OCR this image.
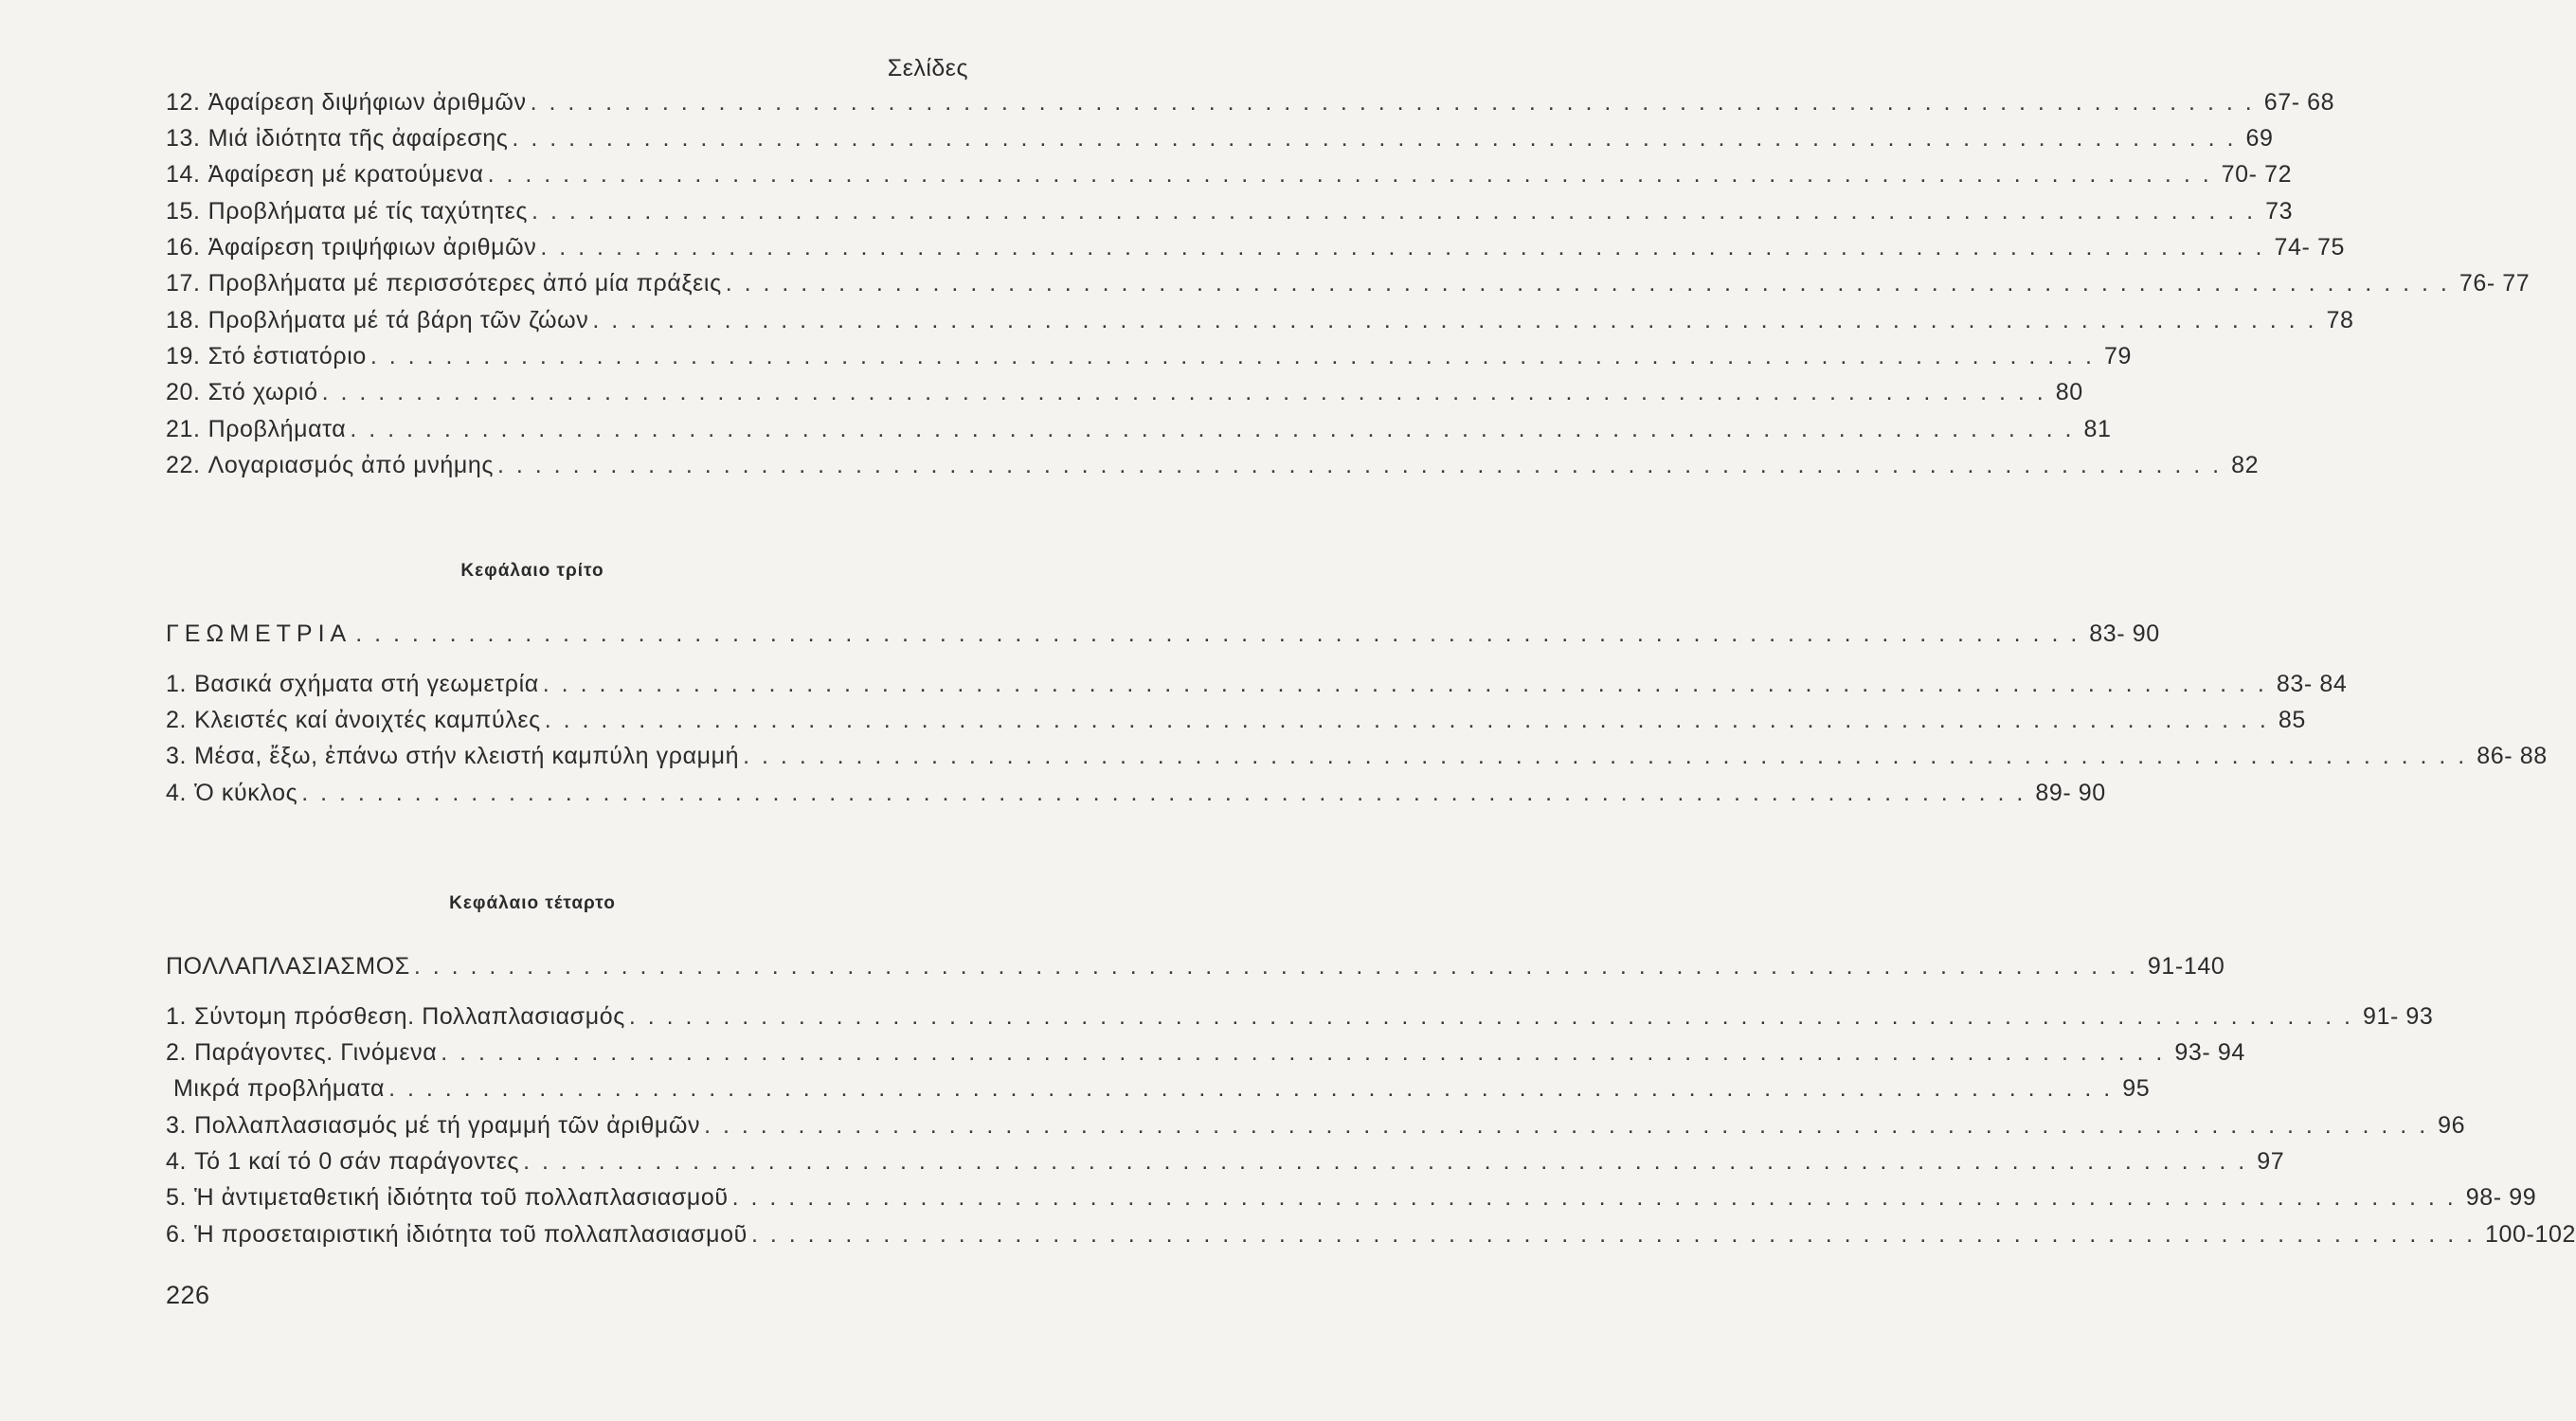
Σελίδες
12. Ἀφαίρεση διψήφιων ἀριθμῶν . . . . . . . . . . . . . . . . . . . . . . . . . . . . . . . . . . . . . . . . . . . . . . . . . . . . . . . . . . . . . . . . . . . . . . . . . . . . . . . . . . . . . . . . . . . . 67- 68
13. Μιά ἰδιότητα τῆς ἀφαίρεσης . . . . . . . . . . . . . . . . . . . . . . . . . . . . . . . . . . . . . . . . . . . . . . . . . . . . . . . . . . . . . . . . . . . . . . . . . . . . . . . . . . . . . . . . . . . . 69
14. Ἀφαίρεση μέ κρατούμενα . . . . . . . . . . . . . . . . . . . . . . . . . . . . . . . . . . . . . . . . . . . . . . . . . . . . . . . . . . . . . . . . . . . . . . . . . . . . . . . . . . . . . . . . . . . . 70- 72
15. Προβλήματα μέ τίς ταχύτητες . . . . . . . . . . . . . . . . . . . . . . . . . . . . . . . . . . . . . . . . . . . . . . . . . . . . . . . . . . . . . . . . . . . . . . . . . . . . . . . . . . . . . . . . . . . . 73
16. Ἀφαίρεση τριψήφιων ἀριθμῶν . . . . . . . . . . . . . . . . . . . . . . . . . . . . . . . . . . . . . . . . . . . . . . . . . . . . . . . . . . . . . . . . . . . . . . . . . . . . . . . . . . . . . . . . . . . . 74- 75
17. Προβλήματα μέ περισσότερες ἀπό μία πράξεις . . . . . . . . . . . . . . . . . . . . . . . . . . . . . . . . . . . . . . . . . . . . . . . . . . . . . . . . . . . . . . . . . . . . . . . . . . . . . . . . . . . . . . . . . . . . 76- 77
18. Προβλήματα μέ τά βάρη τῶν ζώων . . . . . . . . . . . . . . . . . . . . . . . . . . . . . . . . . . . . . . . . . . . . . . . . . . . . . . . . . . . . . . . . . . . . . . . . . . . . . . . . . . . . . . . . . . . . 78
19. Στό ἑστιατόριο . . . . . . . . . . . . . . . . . . . . . . . . . . . . . . . . . . . . . . . . . . . . . . . . . . . . . . . . . . . . . . . . . . . . . . . . . . . . . . . . . . . . . . . . . . . . 79
20. Στό χωριό . . . . . . . . . . . . . . . . . . . . . . . . . . . . . . . . . . . . . . . . . . . . . . . . . . . . . . . . . . . . . . . . . . . . . . . . . . . . . . . . . . . . . . . . . . . . 80
21. Προβλήματα . . . . . . . . . . . . . . . . . . . . . . . . . . . . . . . . . . . . . . . . . . . . . . . . . . . . . . . . . . . . . . . . . . . . . . . . . . . . . . . . . . . . . . . . . . . . 81
22. Λογαριασμός ἀπό μνήμης . . . . . . . . . . . . . . . . . . . . . . . . . . . . . . . . . . . . . . . . . . . . . . . . . . . . . . . . . . . . . . . . . . . . . . . . . . . . . . . . . . . . . . . . . . . . 82
Κεφάλαιο τρίτο
ΓΕΩΜΕΤΡΙΑ . . . . . . . . . . . . . . . . . . . . . . . . . . . . . . . . . . . . . . . . . . . . . . . . . . . . . . . . . . . . . . . . . . . . . . . . . . . . . . . . . . . . . . . . . . . . 83- 90
1. Βασικά σχήματα στή γεωμετρία . . . . . . . . . . . . . . . . . . . . . . . . . . . . . . . . . . . . . . . . . . . . . . . . . . . . . . . . . . . . . . . . . . . . . . . . . . . . . . . . . . . . . . . . . . . . 83- 84
2. Κλειστές καί ἀνοιχτές καμπύλες . . . . . . . . . . . . . . . . . . . . . . . . . . . . . . . . . . . . . . . . . . . . . . . . . . . . . . . . . . . . . . . . . . . . . . . . . . . . . . . . . . . . . . . . . . . . 85
3. Μέσα, ἔξω, ἐπάνω στήν κλειστή καμπύλη γραμμή . . . . . . . . . . . . . . . . . . . . . . . . . . . . . . . . . . . . . . . . . . . . . . . . . . . . . . . . . . . . . . . . . . . . . . . . . . . . . . . . . . . . . . . . . . . . 86- 88
4. Ὁ κύκλος . . . . . . . . . . . . . . . . . . . . . . . . . . . . . . . . . . . . . . . . . . . . . . . . . . . . . . . . . . . . . . . . . . . . . . . . . . . . . . . . . . . . . . . . . . . . 89- 90
Κεφάλαιο τέταρτο
ΠΟΛΛΑΠΛΑΣΙΑΣΜΟΣ . . . . . . . . . . . . . . . . . . . . . . . . . . . . . . . . . . . . . . . . . . . . . . . . . . . . . . . . . . . . . . . . . . . . . . . . . . . . . . . . . . . . . . . . . . . . 91-140
1. Σύντομη πρόσθεση. Πολλαπλασιασμός . . . . . . . . . . . . . . . . . . . . . . . . . . . . . . . . . . . . . . . . . . . . . . . . . . . . . . . . . . . . . . . . . . . . . . . . . . . . . . . . . . . . . . . . . . . . 91- 93
2. Παράγοντες. Γινόμενα . . . . . . . . . . . . . . . . . . . . . . . . . . . . . . . . . . . . . . . . . . . . . . . . . . . . . . . . . . . . . . . . . . . . . . . . . . . . . . . . . . . . . . . . . . . . 93- 94
Μικρά προβλήματα . . . . . . . . . . . . . . . . . . . . . . . . . . . . . . . . . . . . . . . . . . . . . . . . . . . . . . . . . . . . . . . . . . . . . . . . . . . . . . . . . . . . . . . . . . . . 95
3. Πολλαπλασιασμός μέ τή γραμμή τῶν ἀριθμῶν . . . . . . . . . . . . . . . . . . . . . . . . . . . . . . . . . . . . . . . . . . . . . . . . . . . . . . . . . . . . . . . . . . . . . . . . . . . . . . . . . . . . . . . . . . . . 96
4. Τό 1 καί τό 0 σάν παράγοντες . . . . . . . . . . . . . . . . . . . . . . . . . . . . . . . . . . . . . . . . . . . . . . . . . . . . . . . . . . . . . . . . . . . . . . . . . . . . . . . . . . . . . . . . . . . . 97
5. Ἡ ἀντιμεταθετική ἰδιότητα τοῦ πολλαπλασιασμοῦ . . . . . . . . . . . . . . . . . . . . . . . . . . . . . . . . . . . . . . . . . . . . . . . . . . . . . . . . . . . . . . . . . . . . . . . . . . . . . . . . . . . . . . . . . . . . 98- 99
6. Ἡ προσεταιριστική ἰδιότητα τοῦ πολλαπλασιασμοῦ . . . . . . . . . . . . . . . . . . . . . . . . . . . . . . . . . . . . . . . . . . . . . . . . . . . . . . . . . . . . . . . . . . . . . . . . . . . . . . . . . . . . . . . . . . . . 100-102
226
